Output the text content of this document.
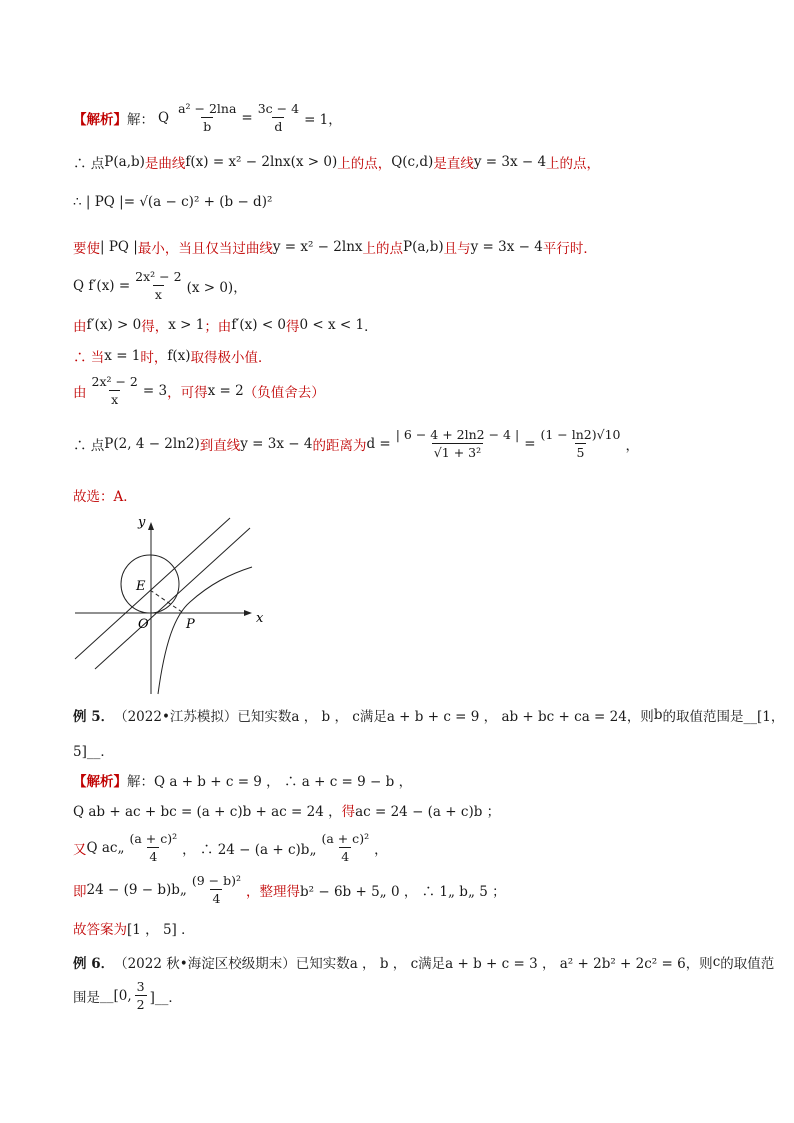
【解析】 解： Q $\frac{\text{a² − 2lna}}{b} = \frac{3c - 4}{d} = 1$，
∴ 点 P(a,b) 是曲线 f(x) = x² − 2lnx(x > 0) 上的点， Q(c,d) 是直线 y = 3x − 4 上的点，
∴ | PQ |= √(a − c)² + (b − d)²
要使 | PQ | 最小，当且仅当过曲线 y = x² − 2lnx 上的点 P(a,b) 且与 y = 3x − 4 平行时．
Q $f'(x) = \frac{\text{2x² − 2}}{x} (x > 0)$，
由 f′(x) > 0 得， x > 1 ；由 f′(x) < 0 得 0 < x < 1 ．
∴ 当 x = 1 时， f(x) 取得极小值．
由 $\frac{\text{2x² − 2}}{x} = 3$ ，可得 x = 2 （负值舍去）
∴ 点 P(2, 4 − 2ln2) 到直线 y = 3x − 4 的距离为 $d = \frac{| 6 - 4 + 2\ln 2 - 4 |}{\text{√1 + 3²}} = \frac{(1 - \ln 2)√10}{5}$ ，
故选：A．
y
x
E
O	P
例 5． （2022•江苏模拟） 已知实数 a ， b ， c 满足 a + b + c = 9 ， ab + bc + ca = 24 ，则 b 的取值范围是 __[1，
5]__．
【解析】 解： Q a + b + c = 9 ， ∴ a + c = 9 − b ，
Q ab + ac + bc = (a + c)b + ac = 24 ， 得 ac = 24 − (a + c)b ；
又 Q ac„ $\frac{\text{(a + c)²}}{4}$ ， ∴ 24 − (a + c)b„ $\frac{\text{(a + c)²}}{4}$ ，
即 24 − (9 − b)b„ $\frac{\text{(9 − b)²}}{4}$ ，整理得 b² − 6b + 5„ 0 ， ∴ 1„ b„ 5 ；
故答案为 [1 ， 5] ．
例 6． （2022 秋•海淀区校级期末） 已知实数 a ， b ， c 满足 a + b + c = 3 ， a² + 2b² + 2c² = 6 ，则 c 的取值范
围是 __[0, $\frac{3}{2}$ ]__．
